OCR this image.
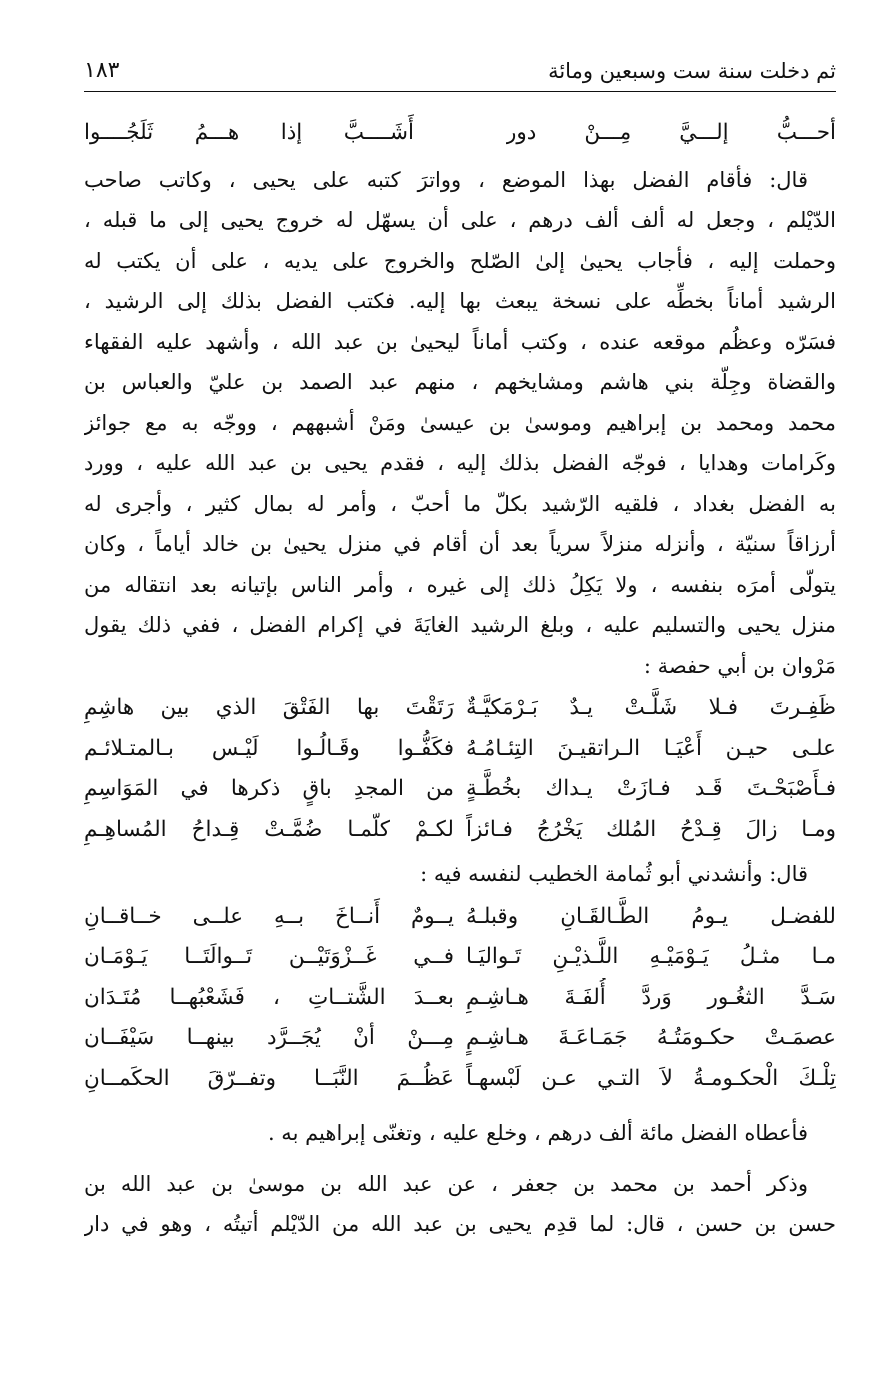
ثم دخلت سنة ست وسبعين ومائة
١٨٣
أحـــبُّ إلـــيَّ مِـــنْ دور
أَشَــــبَّ إذا هـــمُ ثَلَجُــــوا
قال: فأقام الفضل بهذا الموضع ، وواترَ كتبه على يحيى ، وكاتب صاحب
الدّيْلم ، وجعل له ألف ألف درهم ، على أن يسهّل له خروج يحيى إلى ما قبله ،
وحملت إليه ، فأجاب يحيىٰ إلىٰ الصّلح والخروج على يديه ، على أن يكتب له
الرشيد أماناً بخطِّه على نسخة يبعث بها إليه. فكتب الفضل بذلك إلى الرشيد ،
فسَرّه وعظُم موقعه عنده ، وكتب أماناً ليحيىٰ بن عبد الله ، وأشهد عليه الفقهاء
والقضاة وجِلّة بني هاشم ومشايخهم ، منهم عبد الصمد بن عليّ والعباس بن
محمد ومحمد بن إبراهيم وموسىٰ بن عيسىٰ ومَنْ أشبههم ، ووجّه به مع جوائز
وكَرامات وهدايا ، فوجّه الفضل بذلك إليه ، فقدم يحيى بن عبد الله عليه ، وورد
به الفضل بغداد ، فلقيه الرّشيد بكلّ ما أحبّ ، وأمر له بمال كثير ، وأجرى له
أرزاقاً سنيّة ، وأنزله منزلاً سرياً بعد أن أقام في منزل يحيىٰ بن خالد أياماً ، وكان
يتولّى أمرَه بنفسه ، ولا يَكِلُ ذلك إلى غيره ، وأمر الناس بإتيانه بعد انتقاله من
منزل يحيى والتسليم عليه ، وبلغ الرشيد الغايَةَ في إكرام الفضل ، ففي ذلك يقول
مَرْوان بن أبي حفصة :
ظَفِـرتَ فـلا شَلَّـتْ يـدٌ بَـرْمَكيَّـةٌ
رَتَقْتَ بها الفَتْقَ الذي بين هاشِمِ
علـى حيـن أَعْيَـا الـراتقيـنَ التِئـامُـهُ
فكَفُّـوا وقَـالُـوا لَيْـس بـالمتـلائـم
فـأَصْبَحْـتَ قَـد فـازَتْ يـداك بخُطَّـةٍ
من المجدِ باقٍ ذكرها في المَوَاسِمِ
ومـا زالَ قِـدْحُ المُلك يَخْرُجُ فـائزاً
لكـمْ كلّمـا ضُمَّـتْ قِـداحُ المُساهِـمِ
قال: وأنشدني أبو ثُمامة الخطيب لنفسه فيه :
للفضـل يـومُ الطَّـالقَـانِ وقبلـهُ
يــومٌ أَنــاخَ بــهِ علــى خــاقــانِ
مـا مثـلُ يَـوْمَيْـهِ اللَّـذيْـنِ تَـواليَـا
فــي غَــزْوَتَيْــن تَــوالَتَــا يَـوْمَـان
سَـدَّ الثغُـور وَردَّ أُلفَـةَ هـاشِـمِ
بعــدَ الشَّتــاتِ ، فَشَعْبُهــا مُتَـدَان
عصمَـتْ حكـومَتُـهُ جَمَـاعَـةَ هـاشِـمٍ
مِـــنْ أنْ يُجَــرَّد بينهــا سَيْفَــان
تِلْـكَ الْحكـومـةُ لاَ التـي عـن لَبْسهـاً
عَظُــمَ النَّبَــا وتفــرّقَ الحكَمــانِ
فأعطاه الفضل مائة ألف درهم ، وخلع عليه ، وتغنّى إبراهيم به .
وذكر أحمد بن محمد بن جعفر ، عن عبد الله بن موسىٰ بن عبد الله بن
حسن بن حسن ، قال: لما قدِم يحيى بن عبد الله من الدّيْلم أتيتُه ، وهو في دار
